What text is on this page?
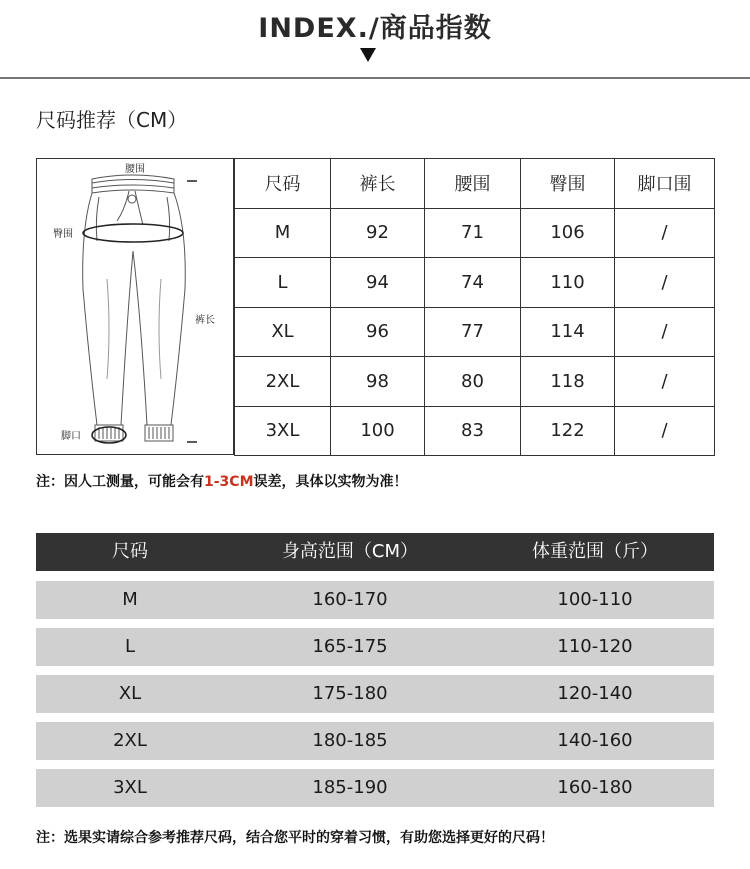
INDEX./商品指数
尺码推荐（CM）
腰围
臀围
裤长
脚口
尺码	裤长	腰围	臀围	脚口围
M	92	71	106	/
L	94	74	110	/
XL	96	77	114	/
2XL	98	80	118	/
3XL	100	83	122	/
注：因人工测量，可能会有1-3CM误差，具体以实物为准！
尺码	身高范围（CM）	体重范围（斤）
M	160-170	100-110
L	165-175	110-120
XL	175-180	120-140
2XL	180-185	140-160
3XL	185-190	160-180
注：选果实请综合参考推荐尺码，结合您平时的穿着习惯，有助您选择更好的尺码！
